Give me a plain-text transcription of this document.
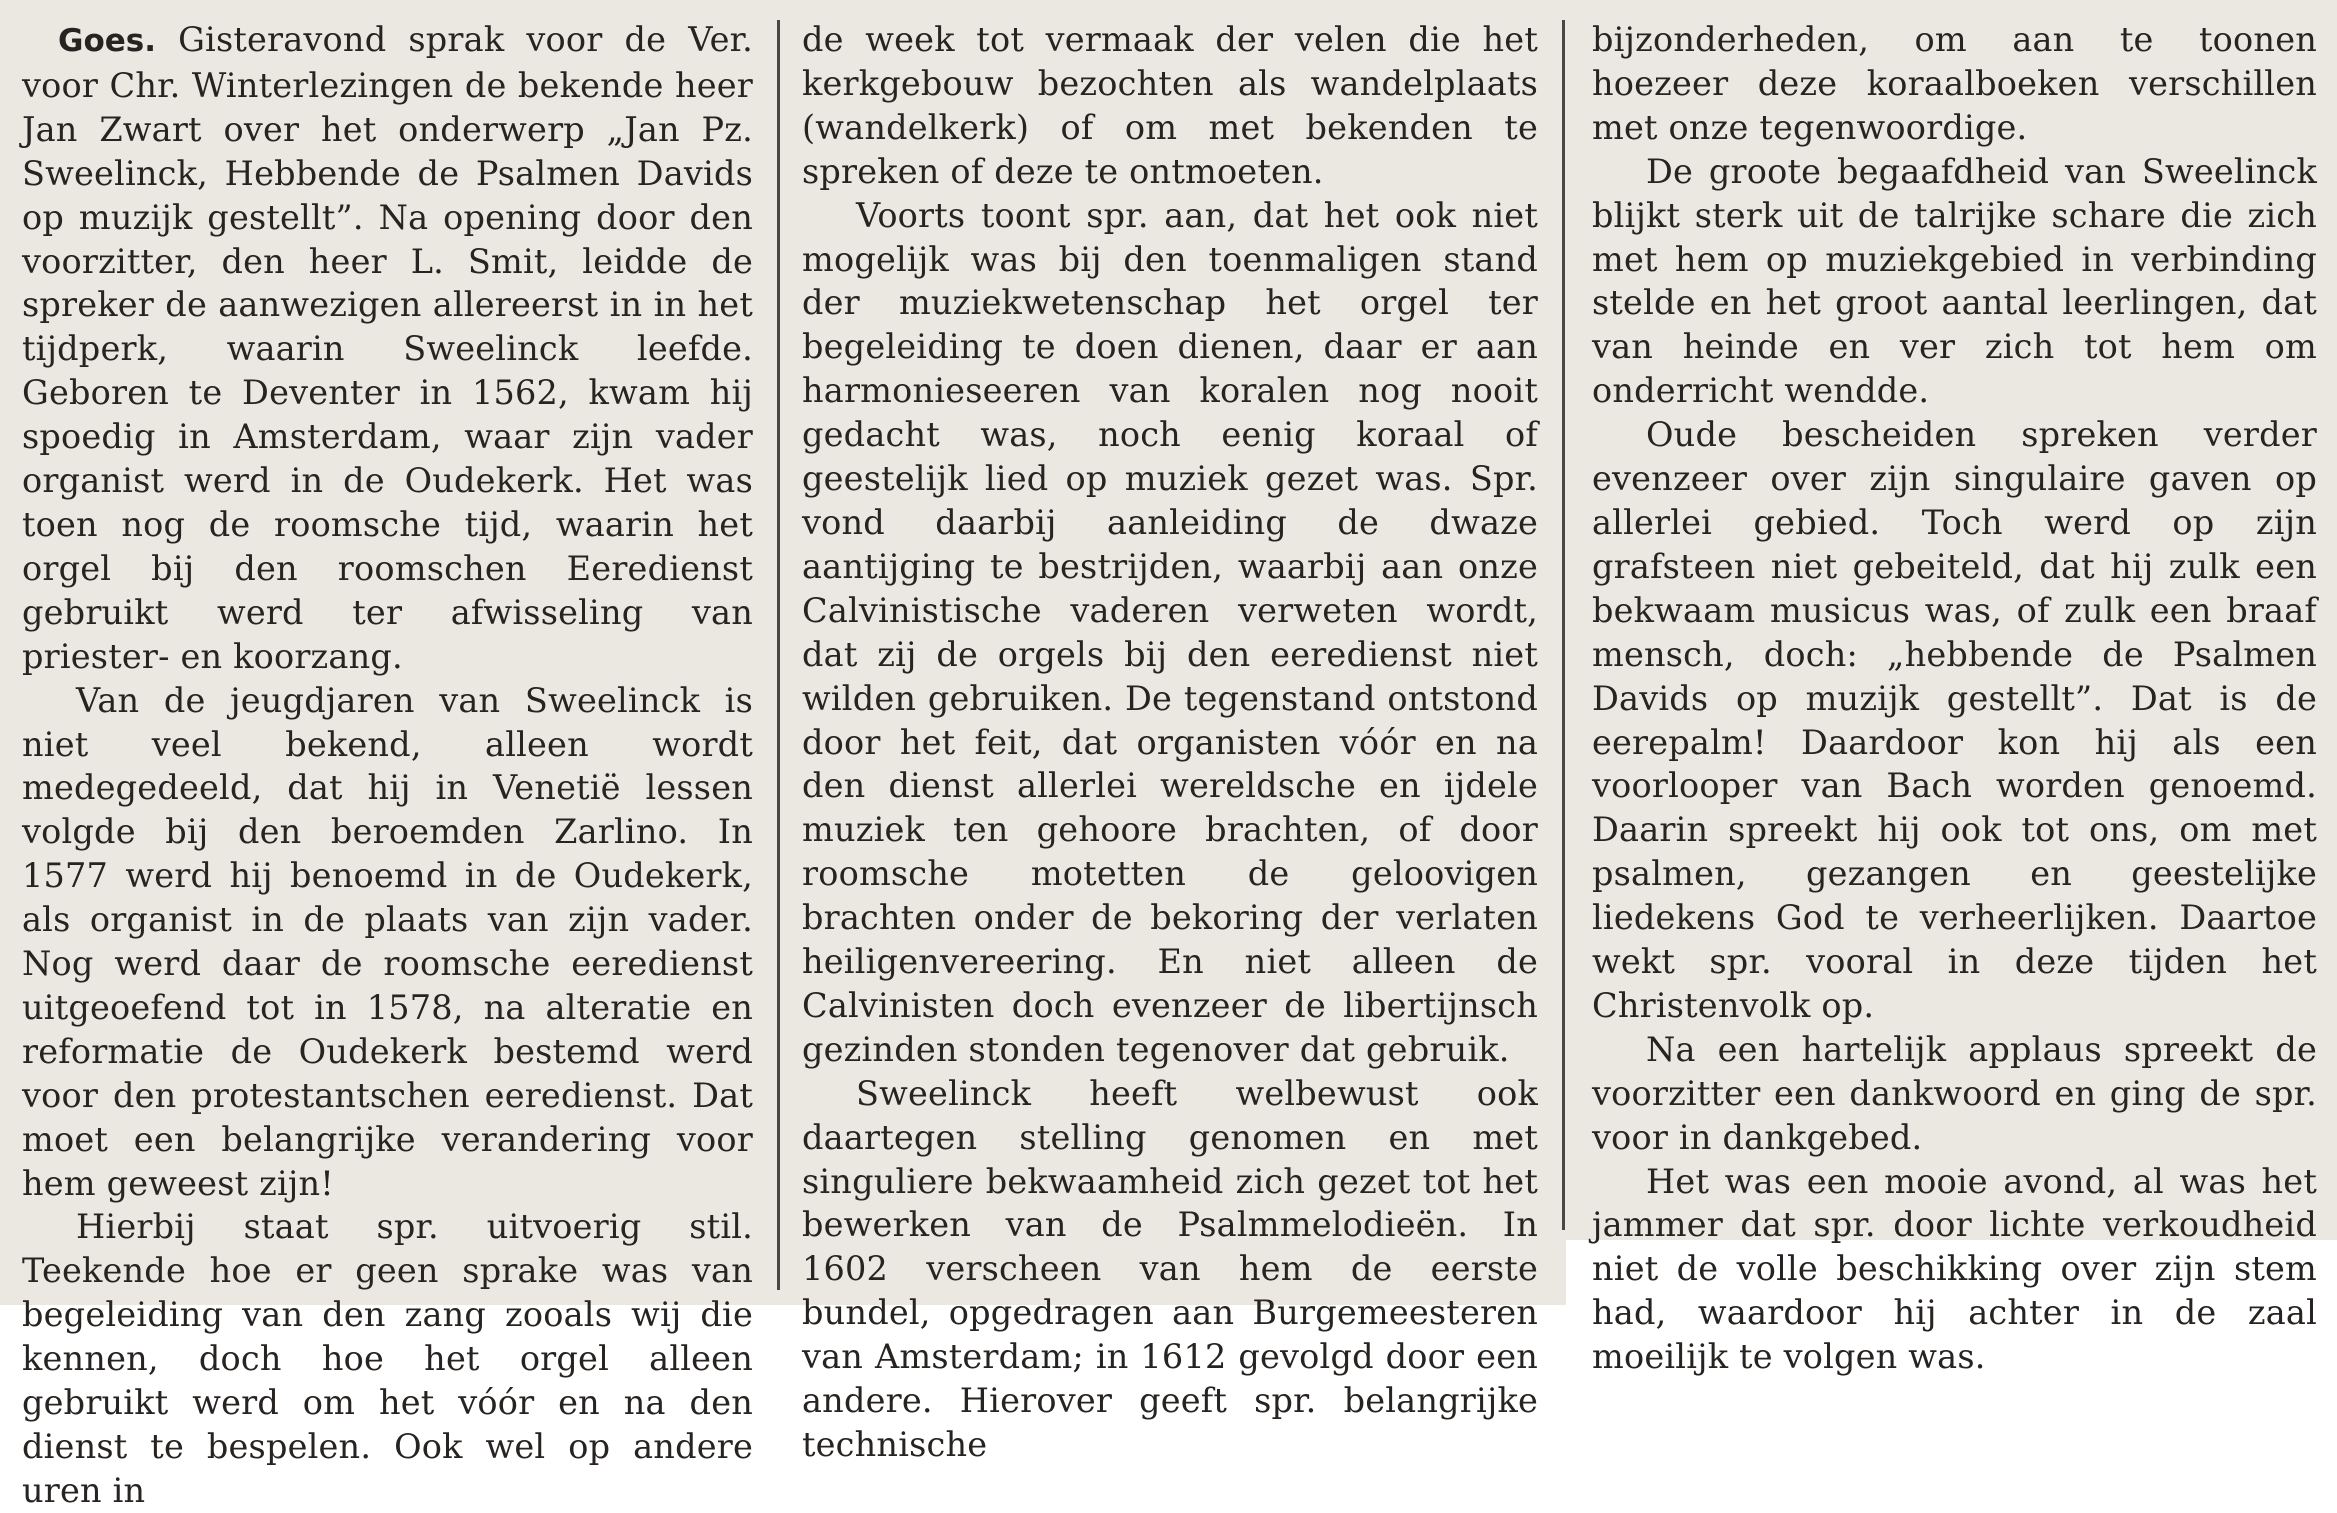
Goes. Gisteravond sprak voor de Ver. voor Chr. Winterlezingen de bekende heer Jan Zwart over het onderwerp „Jan Pz. Sweelinck, Hebbende de Psalmen Davids op muzijk gestellt”. Na opening door den voorzitter, den heer L. Smit, leidde de spreker de aanwezigen allereerst in in het tijdperk, waarin Sweelinck leefde. Geboren te Deventer in 1562, kwam hij spoedig in Amsterdam, waar zijn vader organist werd in de Oudekerk. Het was toen nog de roomsche tijd, waarin het orgel bij den roomschen Eeredienst gebruikt werd ter afwisseling van priester- en koorzang.

Van de jeugdjaren van Sweelinck is niet veel bekend, alleen wordt medegedeeld, dat hij in Venetië lessen volgde bij den beroemden Zarlino. In 1577 werd hij benoemd in de Oudekerk, als organist in de plaats van zijn vader. Nog werd daar de roomsche eeredienst uitgeoefend tot in 1578, na alteratie en reformatie de Oudekerk bestemd werd voor den protestantschen eeredienst. Dat moet een belangrijke verandering voor hem geweest zijn!

Hierbij staat spr. uitvoerig stil. Teekende hoe er geen sprake was van begeleiding van den zang zooals wij die kennen, doch hoe het orgel alleen gebruikt werd om het vóór en na den dienst te bespelen. Ook wel op andere uren in

de week tot vermaak der velen die het kerkgebouw bezochten als wandelplaats (wandelkerk) of om met bekenden te spreken of deze te ontmoeten.

Voorts toont spr. aan, dat het ook niet mogelijk was bij den toenmaligen stand der muziekwetenschap het orgel ter begeleiding te doen dienen, daar er aan harmonieseeren van koralen nog nooit gedacht was, noch eenig koraal of geestelijk lied op muziek gezet was. Spr. vond daarbij aanleiding de dwaze aantijging te bestrijden, waarbij aan onze Calvinistische vaderen verweten wordt, dat zij de orgels bij den eeredienst niet wilden gebruiken. De tegenstand ontstond door het feit, dat organisten vóór en na den dienst allerlei wereldsche en ijdele muziek ten gehoore brachten, of door roomsche motetten de geloovigen brachten onder de bekoring der verlaten heiligenvereering. En niet alleen de Calvinisten doch evenzeer de libertijnsch gezinden stonden tegenover dat gebruik.

Sweelinck heeft welbewust ook daartegen stelling genomen en met singuliere bekwaamheid zich gezet tot het bewerken van de Psalmmelodieën. In 1602 verscheen van hem de eerste bundel, opgedragen aan Burgemeesteren van Amsterdam; in 1612 gevolgd door een andere. Hierover geeft spr. belangrijke technische

bijzonderheden, om aan te toonen hoezeer deze koraalboeken verschillen met onze tegenwoordige.

De groote begaafdheid van Sweelinck blijkt sterk uit de talrijke schare die zich met hem op muziekgebied in verbinding stelde en het groot aantal leerlingen, dat van heinde en ver zich tot hem om onderricht wendde.

Oude bescheiden spreken verder evenzeer over zijn singulaire gaven op allerlei gebied. Toch werd op zijn grafsteen niet gebeiteld, dat hij zulk een bekwaam musicus was, of zulk een braaf mensch, doch: „hebbende de Psalmen Davids op muzijk gestellt”. Dat is de eerepalm! Daardoor kon hij als een voorlooper van Bach worden genoemd. Daarin spreekt hij ook tot ons, om met psalmen, gezangen en geestelijke liedekens God te verheerlijken. Daartoe wekt spr. vooral in deze tijden het Christenvolk op.

Na een hartelijk applaus spreekt de voorzitter een dankwoord en ging de spr. voor in dankgebed.

Het was een mooie avond, al was het jammer dat spr. door lichte verkoudheid niet de volle beschikking over zijn stem had, waardoor hij achter in de zaal moeilijk te volgen was.
